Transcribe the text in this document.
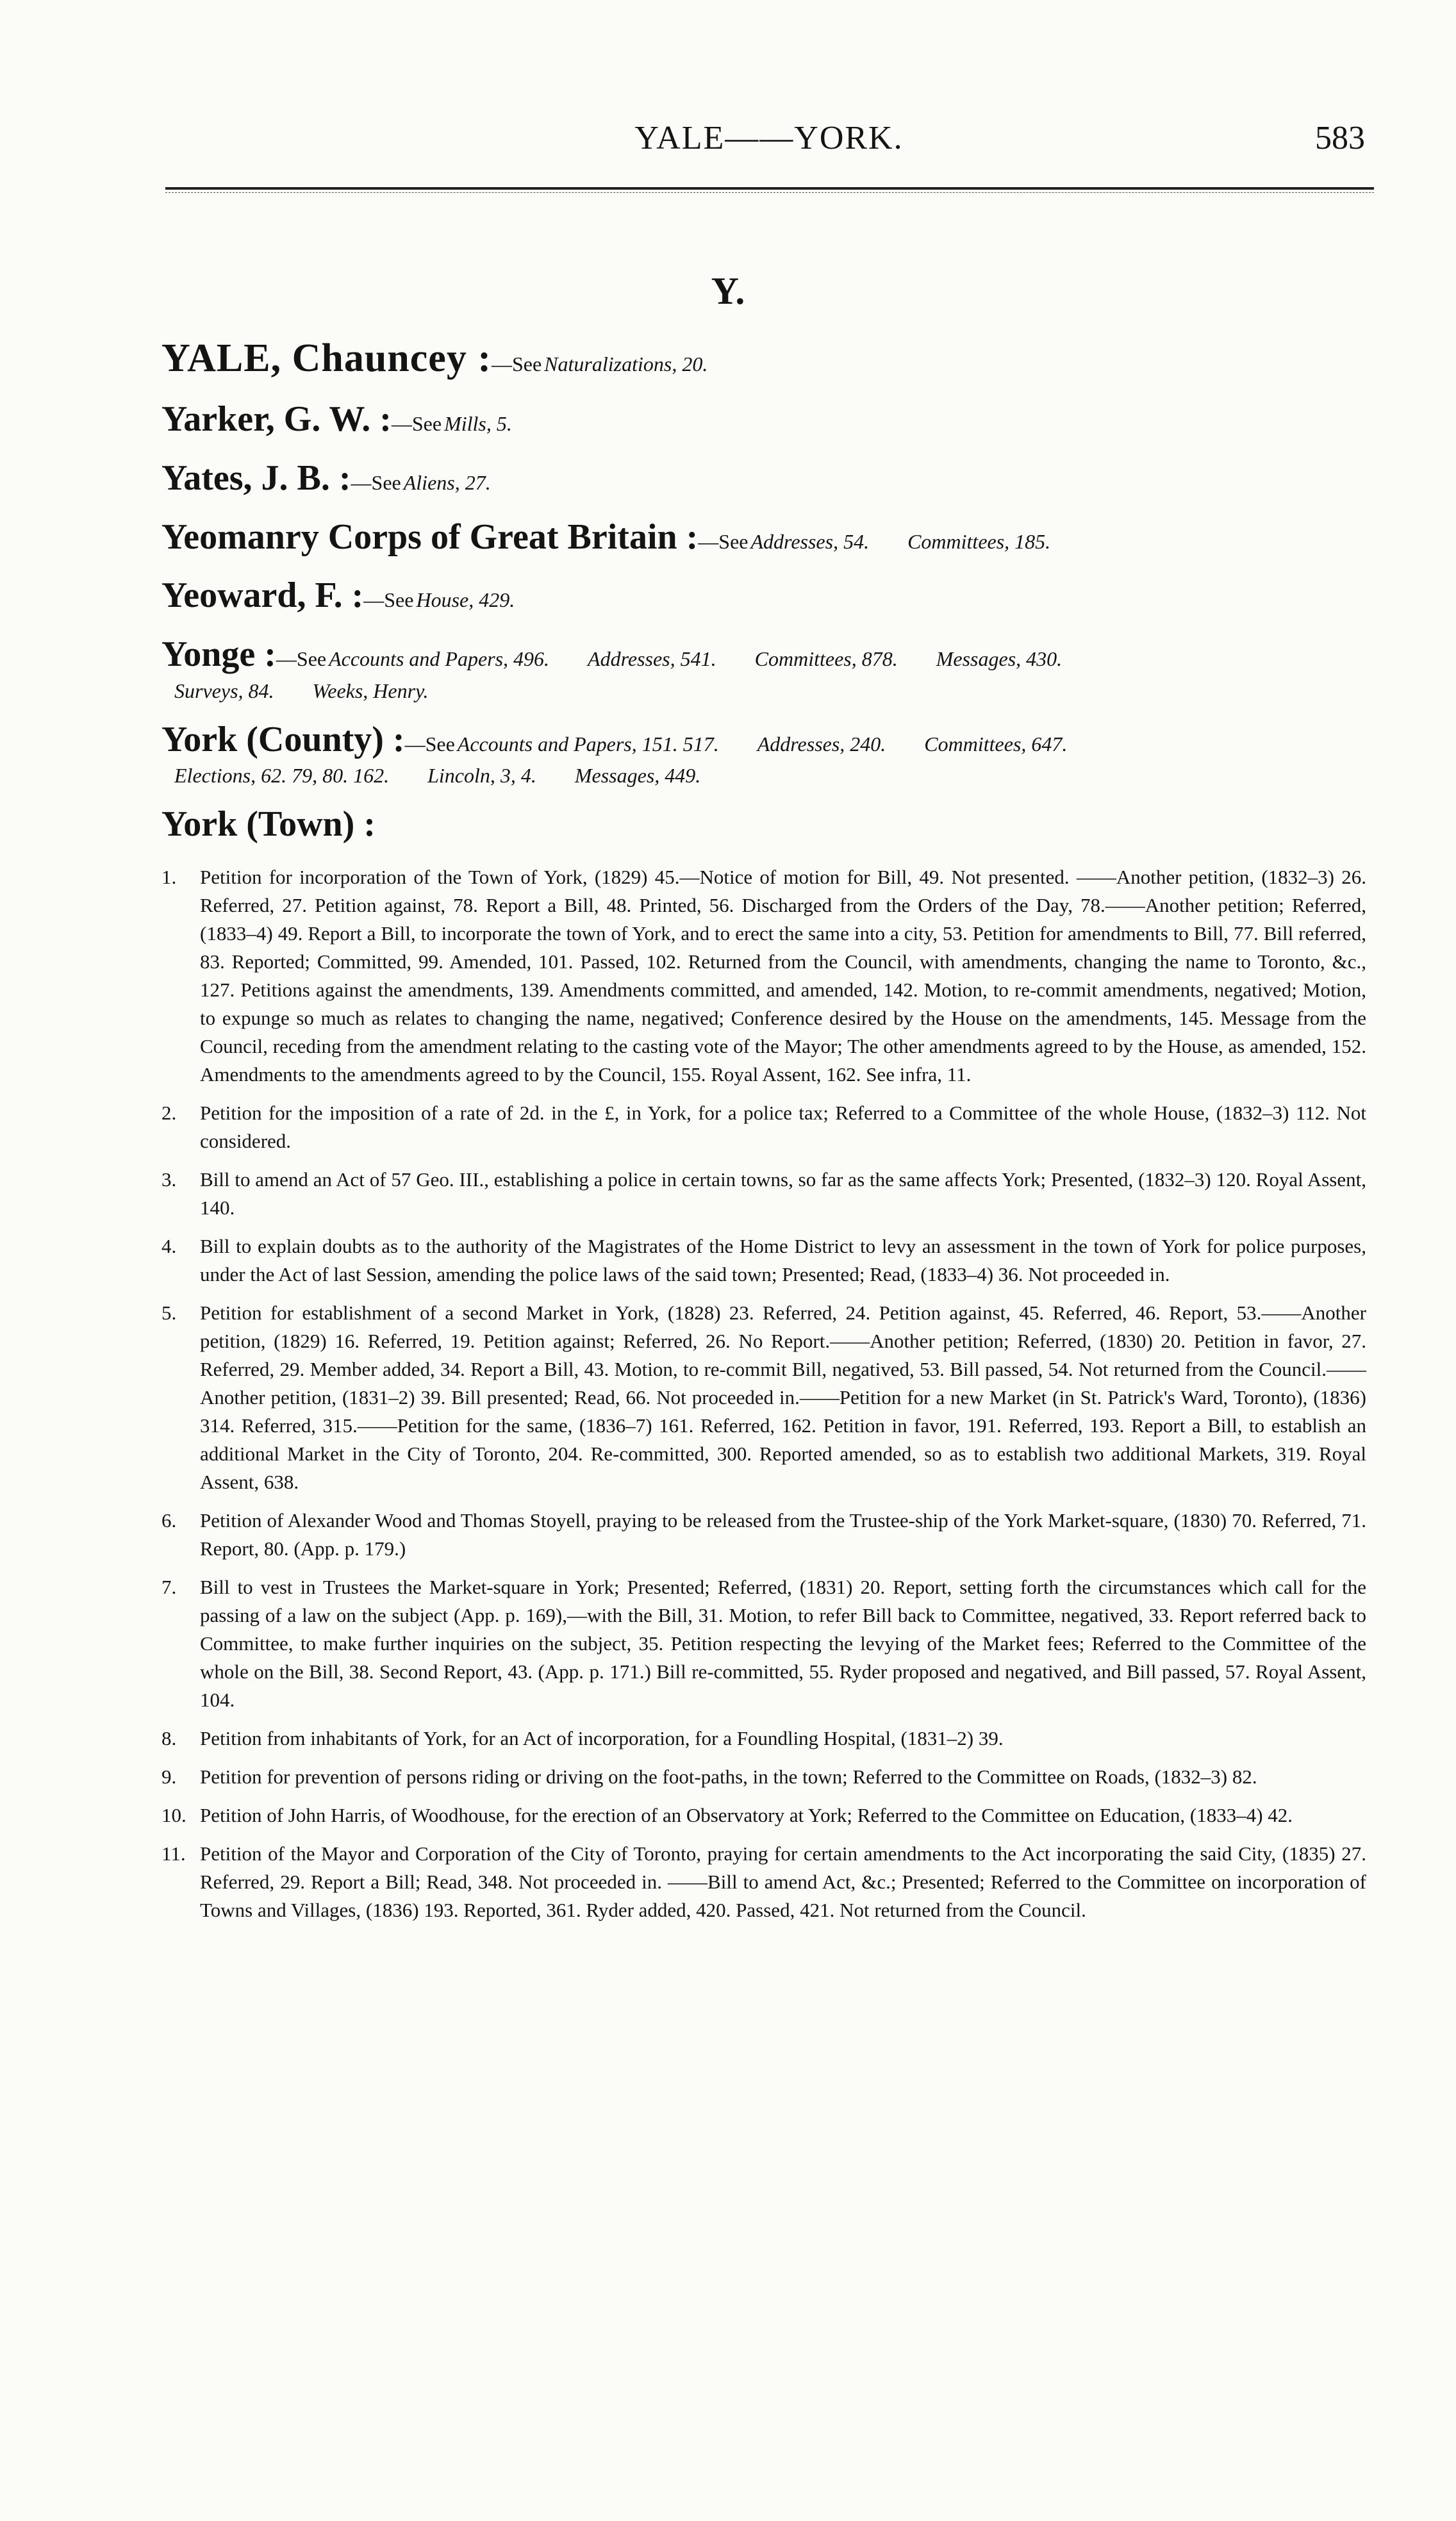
YALE——YORK.	583
Y.
YALE, Chauncey :—See Naturalizations, 20.
Yarker, G. W. :—See Mills, 5.
Yates, J. B. :—See Aliens, 27.
Yeomanry Corps of Great Britain :—See Addresses, 54. Committees, 185.
Yeoward, F. :—See House, 429.
Yonge :—See Accounts and Papers, 496. Addresses, 541. Committees, 878. Messages, 430.
Surveys, 84. Weeks, Henry.
York (County) :—See Accounts and Papers, 151. 517. Addresses, 240. Committees, 647.
Elections, 62. 79, 80. 162. Lincoln, 3, 4. Messages, 449.
York (Town) :
1.	Petition for incorporation of the Town of York, (1829) 45.—Notice of motion for Bill, 49. Not presented. ——Another petition, (1832–3) 26. Referred, 27. Petition against, 78. Report a Bill, 48. Printed, 56. Discharged from the Orders of the Day, 78.——Another petition; Referred, (1833–4) 49. Report a Bill, to incorporate the town of York, and to erect the same into a city, 53. Petition for amendments to Bill, 77. Bill referred, 83. Reported; Committed, 99. Amended, 101. Passed, 102. Returned from the Council, with amendments, changing the name to Toronto, &c., 127. Petitions against the amendments, 139. Amendments committed, and amended, 142. Motion, to re-commit amendments, negatived; Motion, to expunge so much as relates to changing the name, negatived; Conference desired by the House on the amendments, 145. Message from the Council, receding from the amendment relating to the casting vote of the Mayor; The other amendments agreed to by the House, as amended, 152. Amendments to the amendments agreed to by the Council, 155. Royal Assent, 162. See infra, 11.
2.	Petition for the imposition of a rate of 2d. in the £, in York, for a police tax; Referred to a Committee of the whole House, (1832–3) 112. Not considered.
3.	Bill to amend an Act of 57 Geo. III., establishing a police in certain towns, so far as the same affects York; Presented, (1832–3) 120. Royal Assent, 140.
4.	Bill to explain doubts as to the authority of the Magistrates of the Home District to levy an assessment in the town of York for police purposes, under the Act of last Session, amending the police laws of the said town; Presented; Read, (1833–4) 36. Not proceeded in.
5.	Petition for establishment of a second Market in York, (1828) 23. Referred, 24. Petition against, 45. Referred, 46. Report, 53.——Another petition, (1829) 16. Referred, 19. Petition against; Referred, 26. No Report.——Another petition; Referred, (1830) 20. Petition in favor, 27. Referred, 29. Member added, 34. Report a Bill, 43. Motion, to re-commit Bill, negatived, 53. Bill passed, 54. Not returned from the Council.——Another petition, (1831–2) 39. Bill presented; Read, 66. Not proceeded in.——Petition for a new Market (in St. Patrick's Ward, Toronto), (1836) 314. Referred, 315.——Petition for the same, (1836–7) 161. Referred, 162. Petition in favor, 191. Referred, 193. Report a Bill, to establish an additional Market in the City of Toronto, 204. Re-committed, 300. Reported amended, so as to establish two additional Markets, 319. Royal Assent, 638.
6.	Petition of Alexander Wood and Thomas Stoyell, praying to be released from the Trustee-ship of the York Market-square, (1830) 70. Referred, 71. Report, 80. (App. p. 179.)
7.	Bill to vest in Trustees the Market-square in York; Presented; Referred, (1831) 20. Report, setting forth the circumstances which call for the passing of a law on the subject (App. p. 169),—with the Bill, 31. Motion, to refer Bill back to Committee, negatived, 33. Report referred back to Committee, to make further inquiries on the subject, 35. Petition respecting the levying of the Market fees; Referred to the Committee of the whole on the Bill, 38. Second Report, 43. (App. p. 171.) Bill re-committed, 55. Ryder proposed and negatived, and Bill passed, 57. Royal Assent, 104.
8.	Petition from inhabitants of York, for an Act of incorporation, for a Foundling Hospital, (1831–2) 39.
9.	Petition for prevention of persons riding or driving on the foot-paths, in the town; Referred to the Committee on Roads, (1832–3) 82.
10. Petition of John Harris, of Woodhouse, for the erection of an Observatory at York; Referred to the Committee on Education, (1833–4) 42.
11. Petition of the Mayor and Corporation of the City of Toronto, praying for certain amendments to the Act incorporating the said City, (1835) 27. Referred, 29. Report a Bill; Read, 348. Not proceeded in. ——Bill to amend Act, &c.; Presented; Referred to the Committee on incorporation of Towns and Villages, (1836) 193. Reported, 361. Ryder added, 420. Passed, 421. Not returned from the Council.
